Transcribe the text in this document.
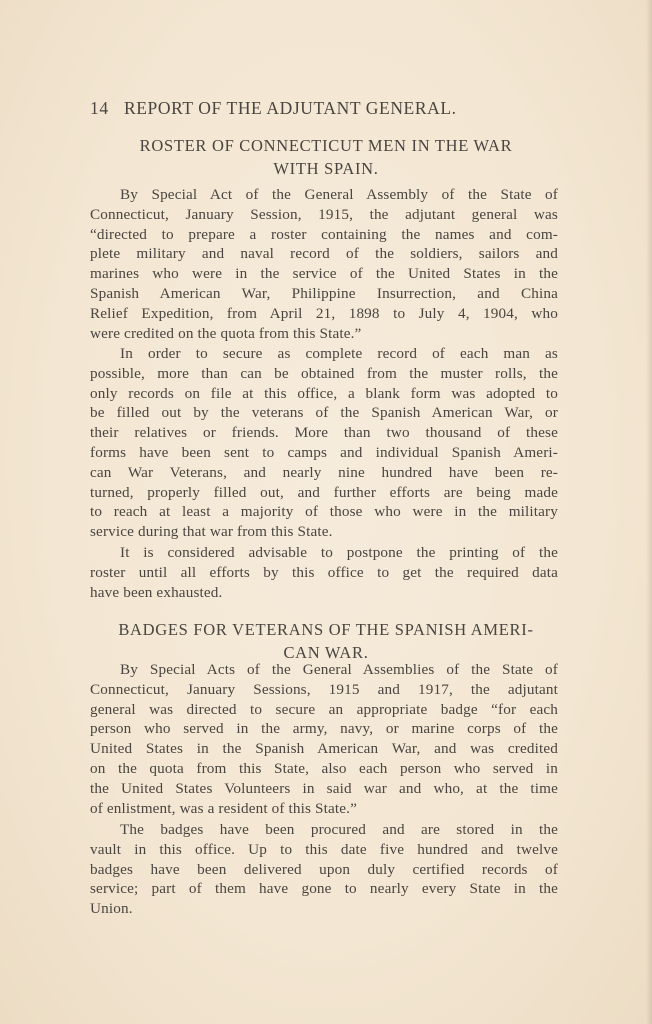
14 REPORT OF THE ADJUTANT GENERAL.
ROSTER OF CONNECTICUT MEN IN THE WAR
WITH SPAIN.
By Special Act of the General Assembly of the State of
Connecticut, January Session, 1915, the adjutant general was
“directed to prepare a roster containing the names and com-
plete military and naval record of the soldiers, sailors and
marines who were in the service of the United States in the
Spanish American War, Philippine Insurrection, and China
Relief Expedition, from April 21, 1898 to July 4, 1904, who
were credited on the quota from this State.”
In order to secure as complete record of each man as
possible, more than can be obtained from the muster rolls, the
only records on file at this office, a blank form was adopted to
be filled out by the veterans of the Spanish American War, or
their relatives or friends. More than two thousand of these
forms have been sent to camps and individual Spanish Ameri-
can War Veterans, and nearly nine hundred have been re-
turned, properly filled out, and further efforts are being made
to reach at least a majority of those who were in the military
service during that war from this State.
It is considered advisable to postpone the printing of the
roster until all efforts by this office to get the required data
have been exhausted.
BADGES FOR VETERANS OF THE SPANISH AMERI-
CAN WAR.
By Special Acts of the General Assemblies of the State of
Connecticut, January Sessions, 1915 and 1917, the adjutant
general was directed to secure an appropriate badge “for each
person who served in the army, navy, or marine corps of the
United States in the Spanish American War, and was credited
on the quota from this State, also each person who served in
the United States Volunteers in said war and who, at the time
of enlistment, was a resident of this State.”
The badges have been procured and are stored in the
vault in this office. Up to this date five hundred and twelve
badges have been delivered upon duly certified records of
service; part of them have gone to nearly every State in the
Union.
